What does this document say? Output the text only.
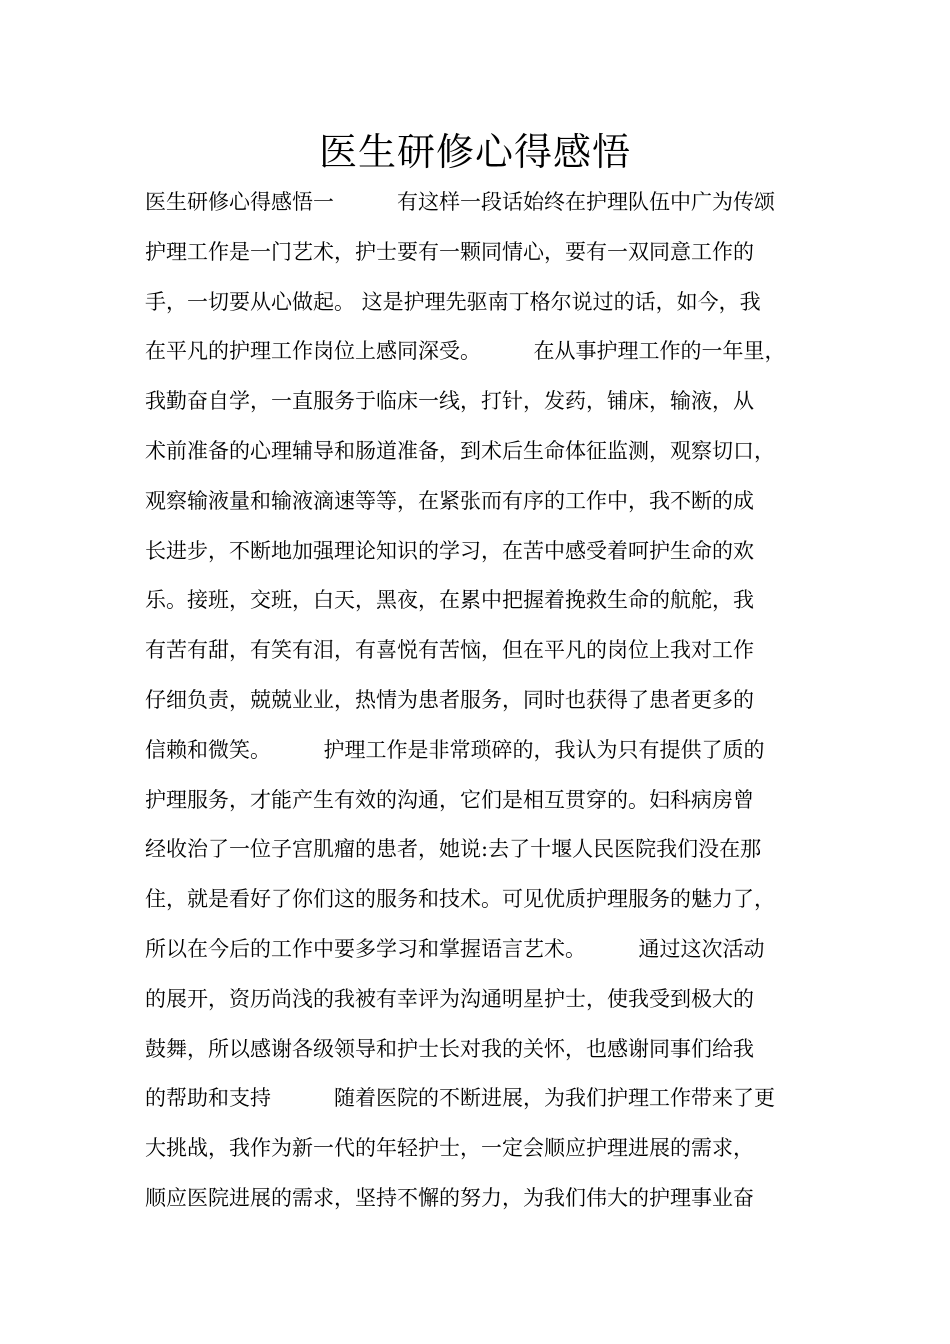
医生研修心得感悟
医生研修心得感悟一　　　有这样一段话始终在护理队伍中广为传颂
护理工作是一门艺术，护士要有一颗同情心，要有一双同意工作的
手，一切要从心做起。 这是护理先驱南丁格尔说过的话，如今，我
在平凡的护理工作岗位上感同深受。　　　在从事护理工作的一年里，
我勤奋自学，一直服务于临床一线，打针，发药，铺床，输液，从
术前准备的心理辅导和肠道准备，到术后生命体征监测，观察切口，
观察输液量和输液滴速等等，在紧张而有序的工作中，我不断的成
长进步，不断地加强理论知识的学习，在苦中感受着呵护生命的欢
乐。接班，交班，白天，黑夜，在累中把握着挽救生命的航舵，我
有苦有甜，有笑有泪，有喜悦有苦恼，但在平凡的岗位上我对工作
仔细负责，兢兢业业，热情为患者服务，同时也获得了患者更多的
信赖和微笑。　　　护理工作是非常琐碎的，我认为只有提供了质的
护理服务，才能产生有效的沟通，它们是相互贯穿的。妇科病房曾
经收治了一位子宫肌瘤的患者，她说:去了十堰人民医院我们没在那
住，就是看好了你们这的服务和技术。可见优质护理服务的魅力了，
所以在今后的工作中要多学习和掌握语言艺术。　　　通过这次活动
的展开，资历尚浅的我被有幸评为沟通明星护士，使我受到极大的
鼓舞，所以感谢各级领导和护士长对我的关怀，也感谢同事们给我
的帮助和支持　　　随着医院的不断进展，为我们护理工作带来了更
大挑战，我作为新一代的年轻护士，一定会顺应护理进展的需求，
顺应医院进展的需求，坚持不懈的努力，为我们伟大的护理事业奋
